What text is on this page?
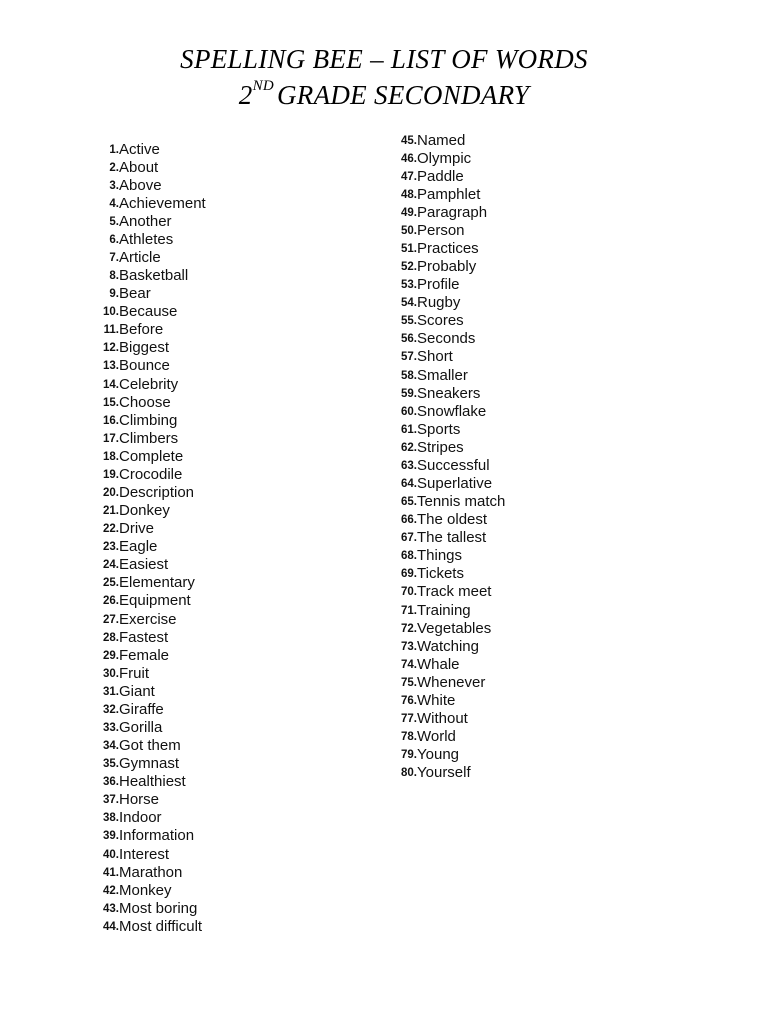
SPELLING BEE – LIST OF WORDS
2ND GRADE SECONDARY
1. Active
2. About
3. Above
4. Achievement
5. Another
6. Athletes
7. Article
8. Basketball
9. Bear
10. Because
11. Before
12. Biggest
13. Bounce
14. Celebrity
15. Choose
16. Climbing
17. Climbers
18. Complete
19. Crocodile
20. Description
21. Donkey
22. Drive
23. Eagle
24. Easiest
25. Elementary
26. Equipment
27. Exercise
28. Fastest
29. Female
30. Fruit
31. Giant
32. Giraffe
33. Gorilla
34. Got them
35. Gymnast
36. Healthiest
37. Horse
38. Indoor
39. Information
40. Interest
41. Marathon
42. Monkey
43. Most boring
44. Most difficult
45. Named
46. Olympic
47. Paddle
48. Pamphlet
49. Paragraph
50. Person
51. Practices
52. Probably
53. Profile
54. Rugby
55. Scores
56. Seconds
57. Short
58. Smaller
59. Sneakers
60. Snowflake
61. Sports
62. Stripes
63. Successful
64. Superlative
65. Tennis match
66. The oldest
67. The tallest
68. Things
69. Tickets
70. Track meet
71. Training
72. Vegetables
73. Watching
74. Whale
75. Whenever
76. White
77. Without
78. World
79. Young
80. Yourself
